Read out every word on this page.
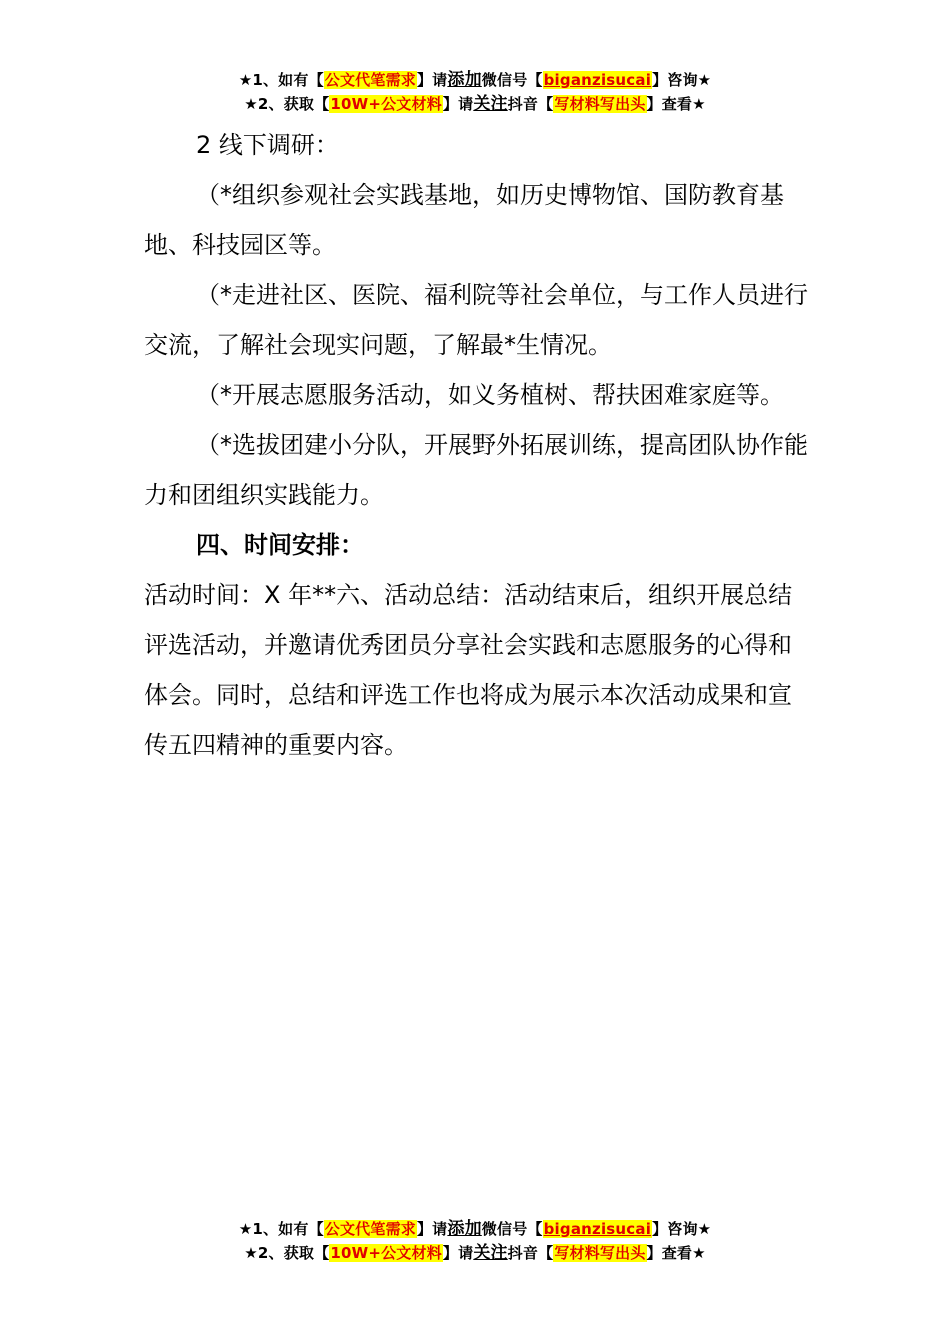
★1、如有【公文代笔需求】请添加微信号【biganzisucai】咨询★
★2、获取【10W+公文材料】请关注抖音【写材料写出头】查看★

2 线下调研：

（*组织参观社会实践基地，如历史博物馆、国防教育基地、科技园区等。

（*走进社区、医院、福利院等社会单位，与工作人员进行交流，了解社会现实问题，了解最*生情况。

（*开展志愿服务活动，如义务植树、帮扶困难家庭等。

（*选拔团建小分队，开展野外拓展训练，提高团队协作能力和团组织实践能力。

四、时间安排：

活动时间：X 年**六、活动总结：活动结束后，组织开展总结评选活动，并邀请优秀团员分享社会实践和志愿服务的心得和体会。同时，总结和评选工作也将成为展示本次活动成果和宣传五四精神的重要内容。

★1、如有【公文代笔需求】请添加微信号【biganzisucai】咨询★
★2、获取【10W+公文材料】请关注抖音【写材料写出头】查看★
